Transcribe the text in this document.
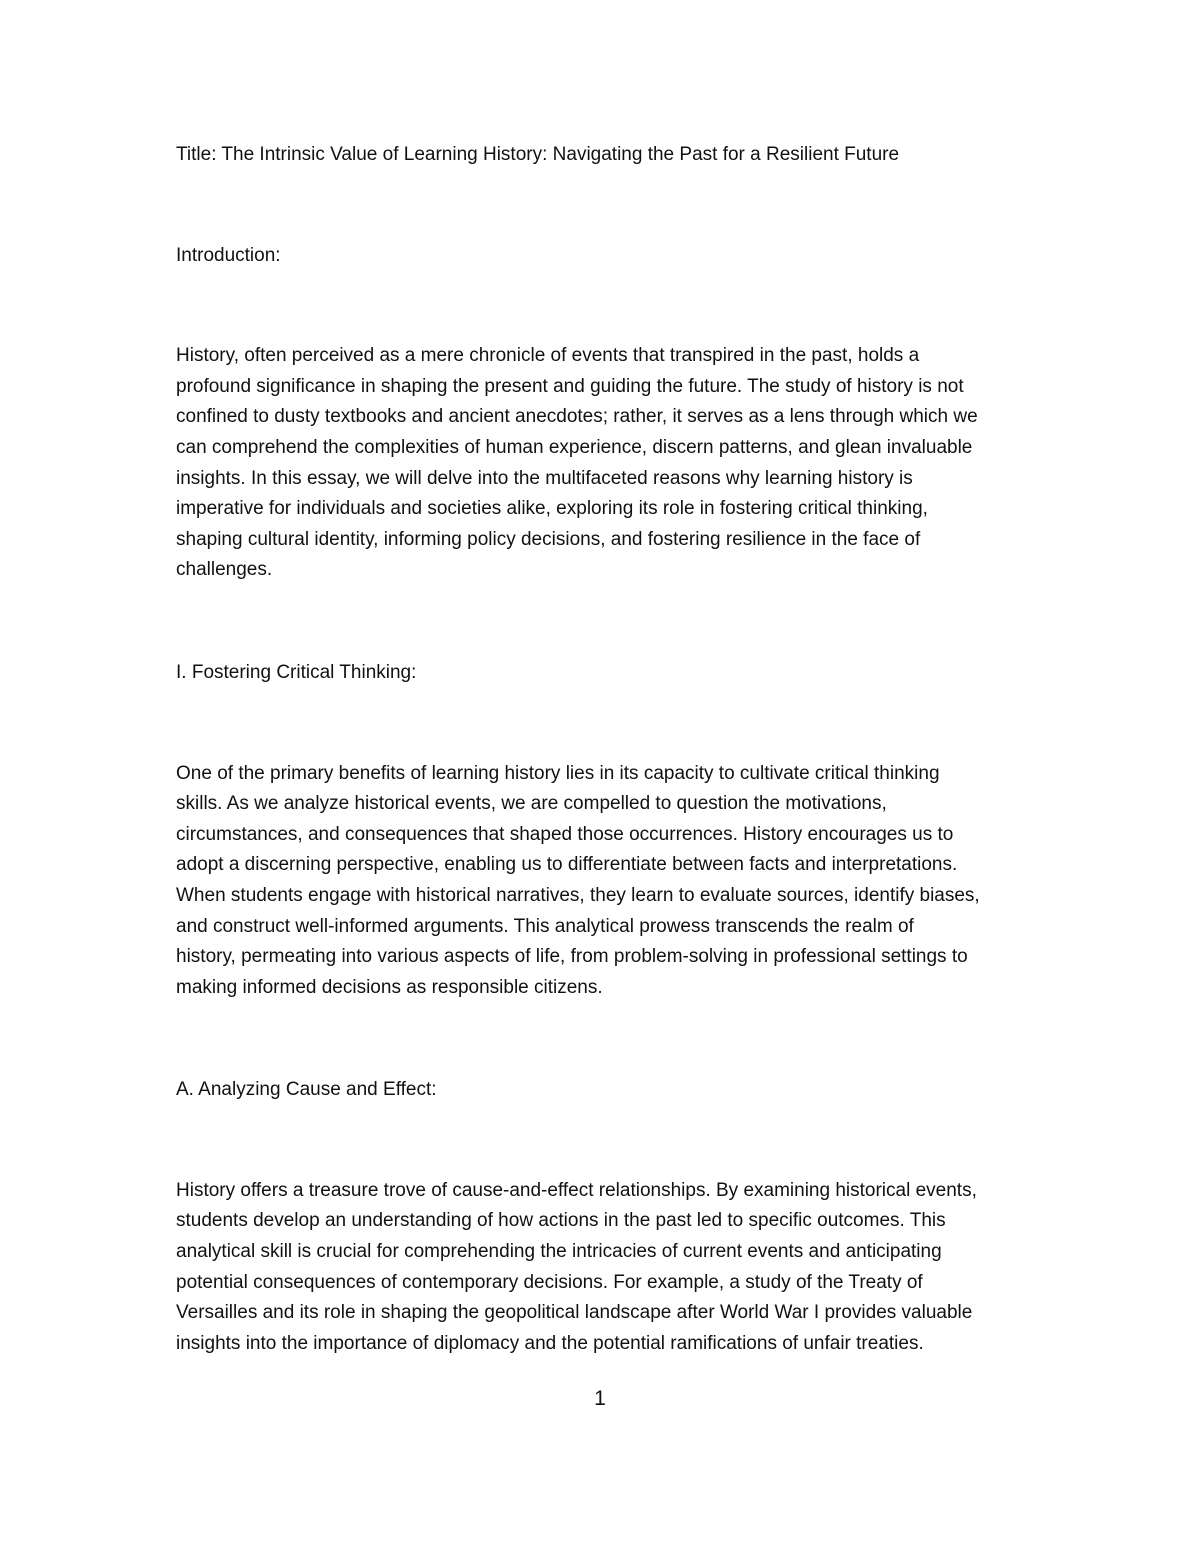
Title: The Intrinsic Value of Learning History: Navigating the Past for a Resilient Future

Introduction:

History, often perceived as a mere chronicle of events that transpired in the past, holds a
profound significance in shaping the present and guiding the future. The study of history is not
confined to dusty textbooks and ancient anecdotes; rather, it serves as a lens through which we
can comprehend the complexities of human experience, discern patterns, and glean invaluable
insights. In this essay, we will delve into the multifaceted reasons why learning history is
imperative for individuals and societies alike, exploring its role in fostering critical thinking,
shaping cultural identity, informing policy decisions, and fostering resilience in the face of
challenges.

I. Fostering Critical Thinking:

One of the primary benefits of learning history lies in its capacity to cultivate critical thinking
skills. As we analyze historical events, we are compelled to question the motivations,
circumstances, and consequences that shaped those occurrences. History encourages us to
adopt a discerning perspective, enabling us to differentiate between facts and interpretations.
When students engage with historical narratives, they learn to evaluate sources, identify biases,
and construct well-informed arguments. This analytical prowess transcends the realm of
history, permeating into various aspects of life, from problem-solving in professional settings to
making informed decisions as responsible citizens.

A. Analyzing Cause and Effect:

History offers a treasure trove of cause-and-effect relationships. By examining historical events,
students develop an understanding of how actions in the past led to specific outcomes. This
analytical skill is crucial for comprehending the intricacies of current events and anticipating
potential consequences of contemporary decisions. For example, a study of the Treaty of
Versailles and its role in shaping the geopolitical landscape after World War I provides valuable
insights into the importance of diplomacy and the potential ramifications of unfair treaties.

1
